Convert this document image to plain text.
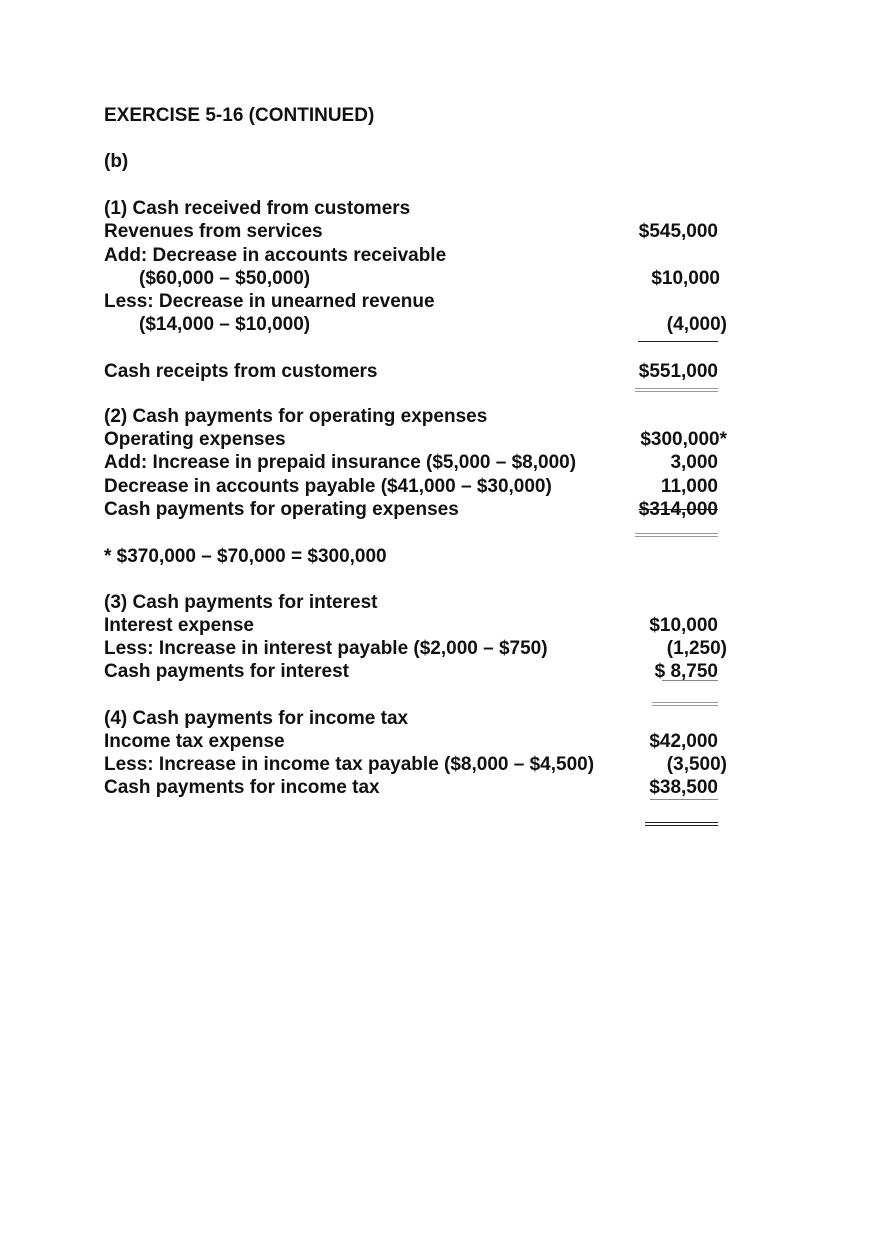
EXERCISE 5-16 (CONTINUED)
(b)
(1) Cash received from customers
Revenues from services	$545,000
Add: Decrease in accounts receivable
($60,000 – $50,000)	$10,000
Less: Decrease in unearned revenue
($14,000 – $10,000)	(4,000)
Cash receipts from customers	$551,000
(2) Cash payments for operating expenses
Operating expenses	$300,000*
Add: Increase in prepaid insurance ($5,000 – $8,000)	3,000
Decrease in accounts payable ($41,000 – $30,000)	11,000
Cash payments for operating expenses	$314,000
* $370,000 – $70,000 = $300,000
(3) Cash payments for interest
Interest expense	$10,000
Less: Increase in interest payable ($2,000 – $750)	(1,250)
Cash payments for interest	$ 8,750
(4) Cash payments for income tax
Income tax expense	$42,000
Less: Increase in income tax payable ($8,000 – $4,500)	(3,500)
Cash payments for income tax	$38,500
